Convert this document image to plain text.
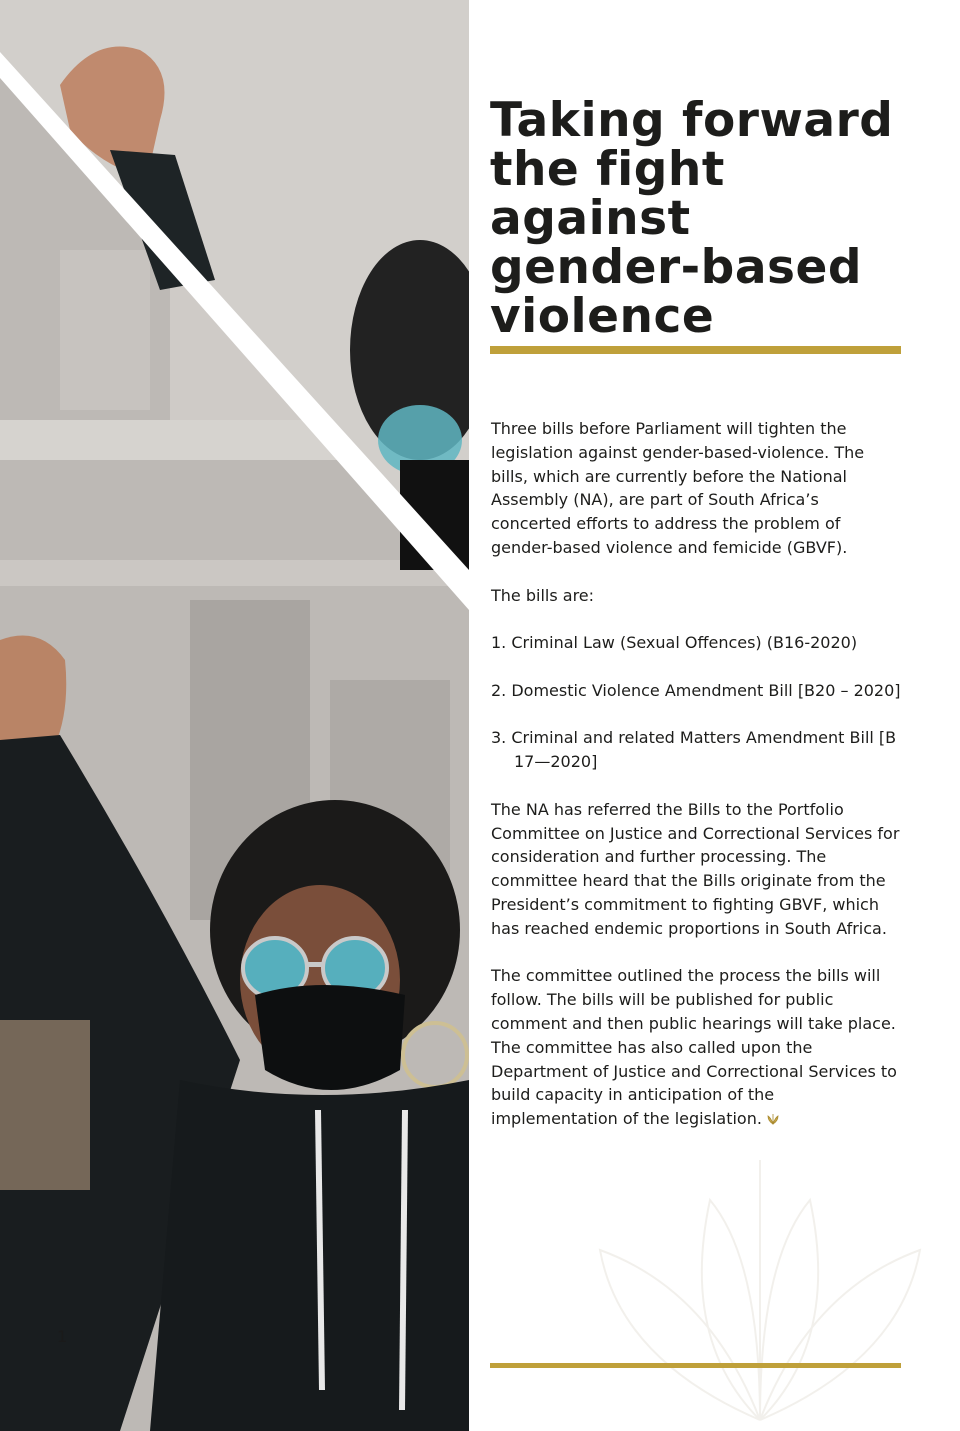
1
Taking forward the fight against gender-based violence

Three bills before Parliament will tighten the legislation against gender-based-violence. The bills, which are currently before the National Assembly (NA), are part of South Africa’s concerted efforts to address the problem of gender-based violence and femicide (GBVF).

The bills are:

1. Criminal Law (Sexual Offences) (B16-2020)
2. Domestic Violence Amendment Bill [B20 – 2020]
3. Criminal and related Matters Amendment Bill [B 17—2020]

The NA has referred the Bills to the Portfolio Committee on Justice and Correctional Services for consideration and further processing. The committee heard that the Bills originate from the President’s commitment to fighting GBVF, which has reached endemic proportions in South Africa.

The committee outlined the process the bills will follow. The bills will be published for public comment and then public hearings will take place. The committee has also called upon the Department of Justice and Correctional Services to build capacity in anticipation of the implementation of the legislation.
